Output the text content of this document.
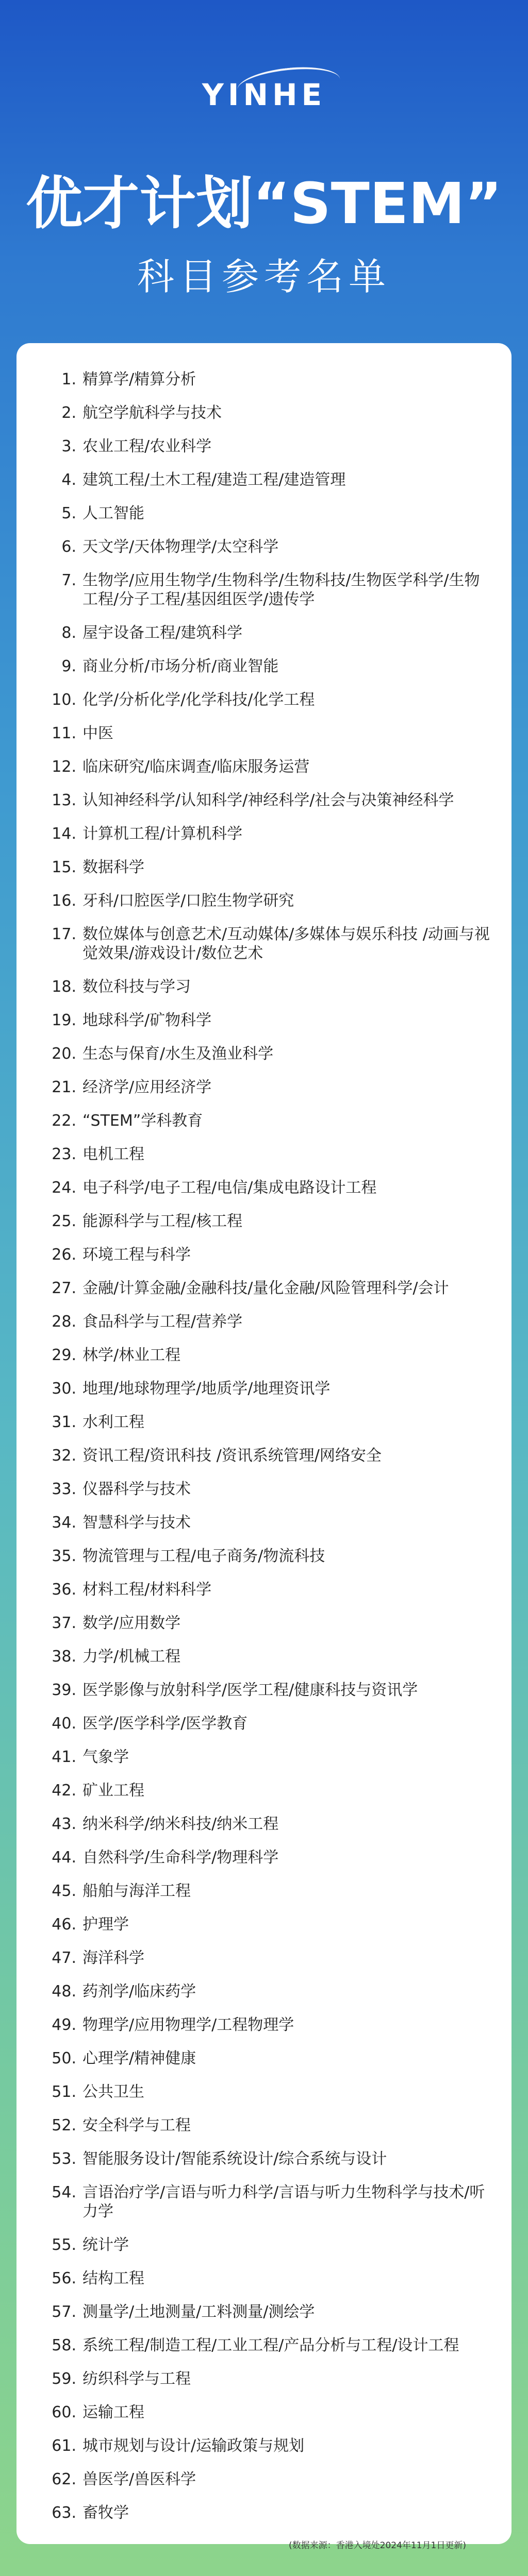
YINHE
优才计划“STEM”
科目参考名单
1. 精算学/精算分析
2. 航空学航科学与技术
3. 农业工程/农业科学
4. 建筑工程/土木工程/建造工程/建造管理
5. 人工智能
6. 天文学/天体物理学/太空科学
7. 生物学/应用生物学/生物科学/生物科技/生物医学科学/生物工程/分子工程/基因组医学/遗传学
8. 屋宇设备工程/建筑科学
9. 商业分析/市场分析/商业智能
10. 化学/分析化学/化学科技/化学工程
11. 中医
12. 临床研究/临床调查/临床服务运营
13. 认知神经科学/认知科学/神经科学/社会与决策神经科学
14. 计算机工程/计算机科学
15. 数据科学
16. 牙科/口腔医学/口腔生物学研究
17. 数位媒体与创意艺术/互动媒体/多媒体与娱乐科技 /动画与视觉效果/游戏设计/数位艺术
18. 数位科技与学习
19. 地球科学/矿物科学
20. 生态与保育/水生及渔业科学
21. 经济学/应用经济学
22. “STEM”学科教育
23. 电机工程
24. 电子科学/电子工程/电信/集成电路设计工程
25. 能源科学与工程/核工程
26. 环境工程与科学
27. 金融/计算金融/金融科技/量化金融/风险管理科学/会计
28. 食品科学与工程/营养学
29. 林学/林业工程
30. 地理/地球物理学/地质学/地理资讯学
31. 水利工程
32. 资讯工程/资讯科技 /资讯系统管理/网络安全
33. 仪器科学与技术
34. 智慧科学与技术
35. 物流管理与工程/电子商务/物流科技
36. 材料工程/材料科学
37. 数学/应用数学
38. 力学/机械工程
39. 医学影像与放射科学/医学工程/健康科技与资讯学
40. 医学/医学科学/医学教育
41. 气象学
42. 矿业工程
43. 纳米科学/纳米科技/纳米工程
44. 自然科学/生命科学/物理科学
45. 船舶与海洋工程
46. 护理学
47. 海洋科学
48. 药剂学/临床药学
49. 物理学/应用物理学/工程物理学
50. 心理学/精神健康
51. 公共卫生
52. 安全科学与工程
53. 智能服务设计/智能系统设计/综合系统与设计
54. 言语治疗学/言语与听力科学/言语与听力生物科学与技术/听力学
55. 统计学
56. 结构工程
57. 测量学/土地测量/工料测量/测绘学
58. 系统工程/制造工程/工业工程/产品分析与工程/设计工程
59. 纺织科学与工程
60. 运输工程
61. 城市规划与设计/运输政策与规划
62. 兽医学/兽医科学
63. 畜牧学
(数据来源：香港入境处2024年11月1日更新)
